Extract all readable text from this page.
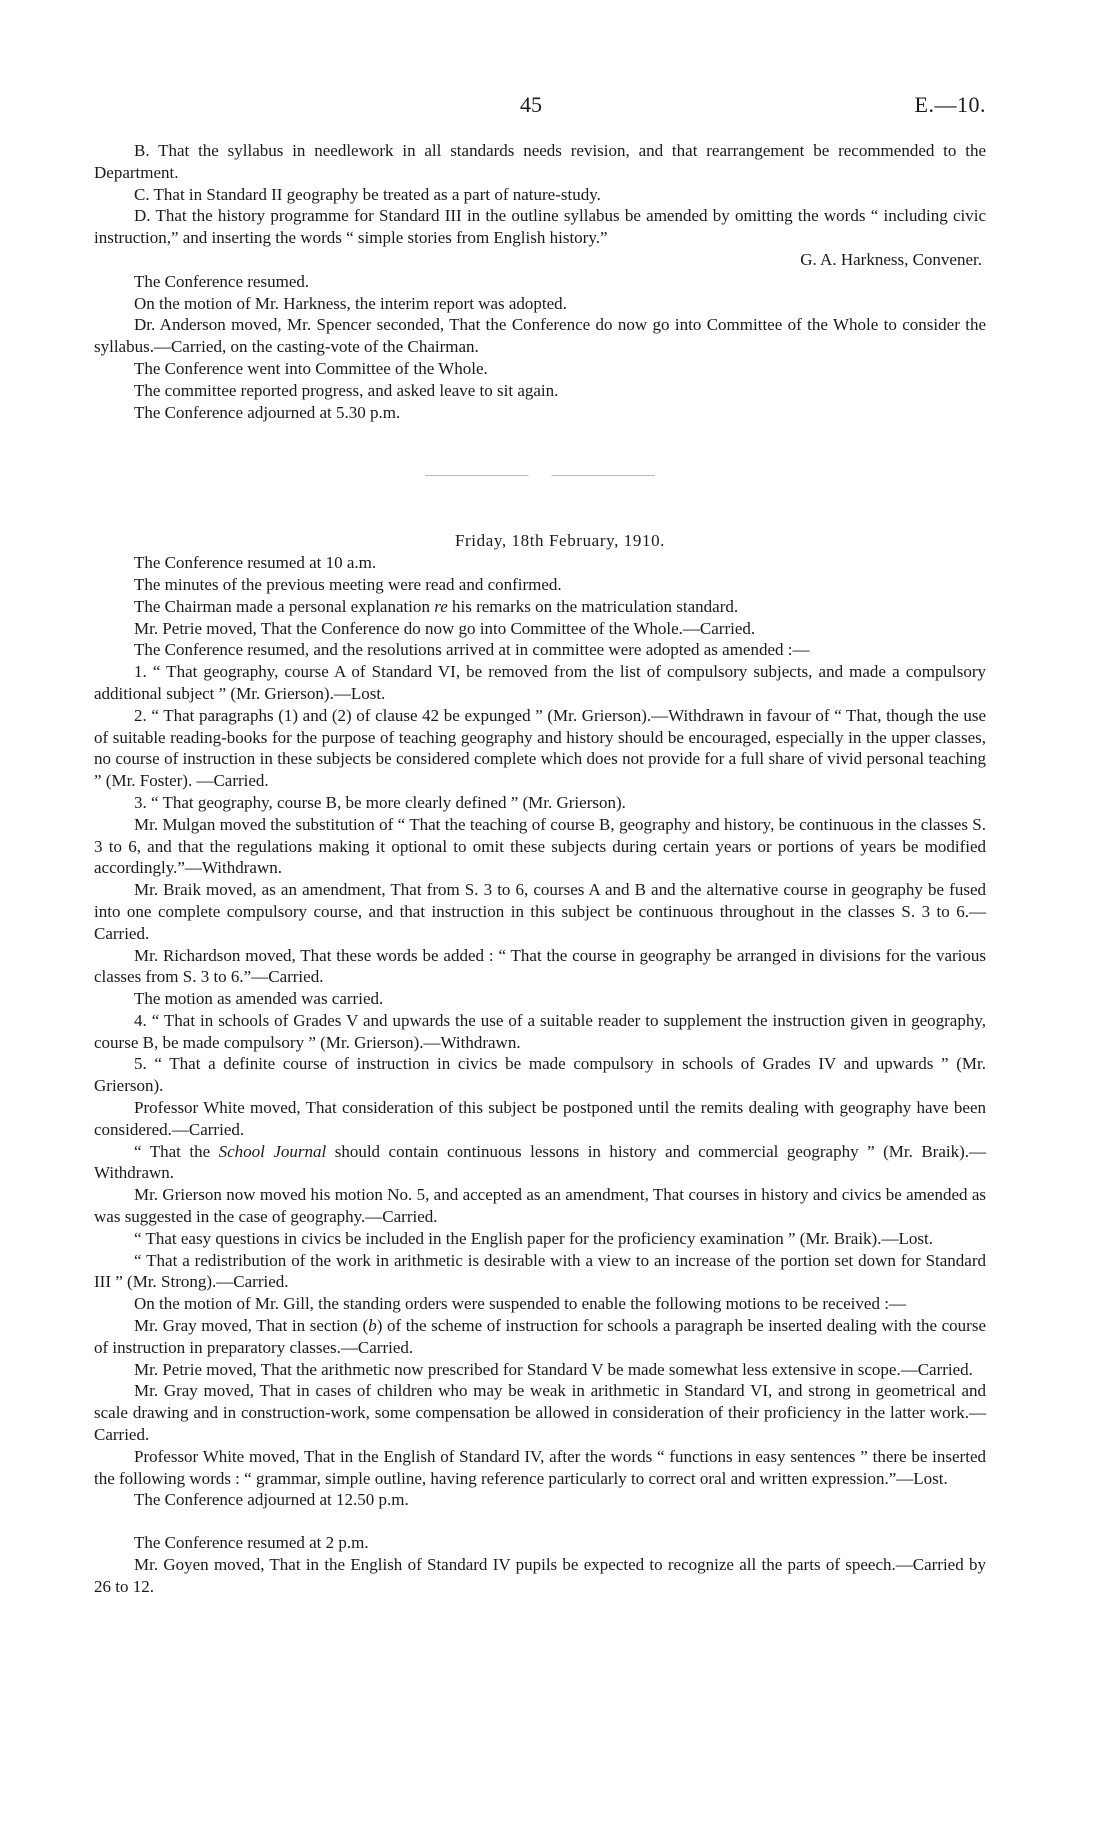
45	E.—10.

B. That the syllabus in needlework in all standards needs revision, and that rearrangement be recommended to the Department.

C. That in Standard II geography be treated as a part of nature-study.

D. That the history programme for Standard III in the outline syllabus be amended by omitting the words “ including civic instruction,” and inserting the words “ simple stories from English history.”

G. A. Harkness, Convener.

The Conference resumed.

On the motion of Mr. Harkness, the interim report was adopted.

Dr. Anderson moved, Mr. Spencer seconded, That the Conference do now go into Committee of the Whole to consider the syllabus.—Carried, on the casting-vote of the Chairman.

The Conference went into Committee of the Whole.

The committee reported progress, and asked leave to sit again.

The Conference adjourned at 5.30 p.m.

Friday, 18th February, 1910.

The Conference resumed at 10 a.m.

The minutes of the previous meeting were read and confirmed.

The Chairman made a personal explanation re his remarks on the matriculation standard.

Mr. Petrie moved, That the Conference do now go into Committee of the Whole.—Carried.

The Conference resumed, and the resolutions arrived at in committee were adopted as amended :—

1. “ That geography, course A of Standard VI, be removed from the list of compulsory subjects, and made a compulsory additional subject ” (Mr. Grierson).—Lost.

2. “ That paragraphs (1) and (2) of clause 42 be expunged ” (Mr. Grierson).—Withdrawn in favour of “ That, though the use of suitable reading-books for the purpose of teaching geography and history should be encouraged, especially in the upper classes, no course of instruction in these subjects be considered complete which does not provide for a full share of vivid personal teaching ” (Mr. Foster). —Carried.

3. “ That geography, course B, be more clearly defined ” (Mr. Grierson).

Mr. Mulgan moved the substitution of “ That the teaching of course B, geography and history, be continuous in the classes S. 3 to 6, and that the regulations making it optional to omit these subjects during certain years or portions of years be modified accordingly.”—Withdrawn.

Mr. Braik moved, as an amendment, That from S. 3 to 6, courses A and B and the alternative course in geography be fused into one complete compulsory course, and that instruction in this subject be continuous throughout in the classes S. 3 to 6.—Carried.

Mr. Richardson moved, That these words be added : “ That the course in geography be arranged in divisions for the various classes from S. 3 to 6.”—Carried.

The motion as amended was carried.

4. “ That in schools of Grades V and upwards the use of a suitable reader to supplement the instruction given in geography, course B, be made compulsory ” (Mr. Grierson).—Withdrawn.

5. “ That a definite course of instruction in civics be made compulsory in schools of Grades IV and upwards ” (Mr. Grierson).

Professor White moved, That consideration of this subject be postponed until the remits dealing with geography have been considered.—Carried.

“ That the School Journal should contain continuous lessons in history and commercial geography ” (Mr. Braik).—Withdrawn.

Mr. Grierson now moved his motion No. 5, and accepted as an amendment, That courses in history and civics be amended as was suggested in the case of geography.—Carried.

“ That easy questions in civics be included in the English paper for the proficiency examination ” (Mr. Braik).—Lost.

“ That a redistribution of the work in arithmetic is desirable with a view to an increase of the portion set down for Standard III ” (Mr. Strong).—Carried.

On the motion of Mr. Gill, the standing orders were suspended to enable the following motions to be received :—

Mr. Gray moved, That in section (b) of the scheme of instruction for schools a paragraph be inserted dealing with the course of instruction in preparatory classes.—Carried.

Mr. Petrie moved, That the arithmetic now prescribed for Standard V be made somewhat less extensive in scope.—Carried.

Mr. Gray moved, That in cases of children who may be weak in arithmetic in Standard VI, and strong in geometrical and scale drawing and in construction-work, some compensation be allowed in consideration of their proficiency in the latter work.—Carried.

Professor White moved, That in the English of Standard IV, after the words “ functions in easy sentences ” there be inserted the following words : “ grammar, simple outline, having reference particularly to correct oral and written expression.”—Lost.

The Conference adjourned at 12.50 p.m.

The Conference resumed at 2 p.m.

Mr. Goyen moved, That in the English of Standard IV pupils be expected to recognize all the parts of speech.—Carried by 26 to 12.
